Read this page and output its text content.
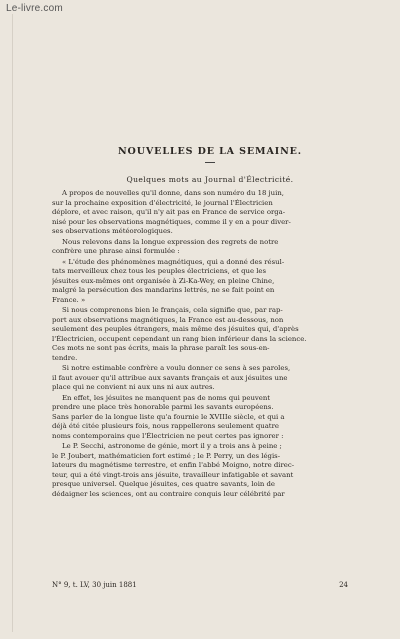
Le-livre.com
NOUVELLES DE LA SEMAINE.

Quelques mots au Journal d'Électricité.

A propos de nouvelles qu'il donne, dans son numéro du 18 juin,
sur la prochaine exposition d'électricité, le journal l'Électricien
déplore, et avec raison, qu'il n'y ait pas en France de service orga-
nisé pour les observations magnétiques, comme il y en a pour diver-
ses observations météorologiques.
Nous relevons dans la longue expression des regrets de notre
confrère une phrase ainsi formulée :
« L'étude des phénomènes magnétiques, qui a donné des résul-
tats merveilleux chez tous les peuples électriciens, et que les
jésuites eux-mêmes ont organisée à Zi-Ka-Wey, en pleine Chine,
malgré la persécution des mandarins lettrés, ne se fait point en
France. »
Si nous comprenons bien le français, cela signifie que, par rap-
port aux observations magnétiques, la France est au-dessous, non
seulement des peuples étrangers, mais même des jésuites qui, d'après
l'Électricien, occupent cependant un rang bien inférieur dans la science.
Ces mots ne sont pas écrits, mais la phrase paraît les sous-en-
tendre.
Si notre estimable confrère a voulu donner ce sens à ses paroles,
il faut avouer qu'il attribue aux savants français et aux jésuites une
place qui ne convient ni aux uns ni aux autres.
En effet, les jésuites ne manquent pas de noms qui peuvent
prendre une place très honorable parmi les savants européens.
Sans parler de la longue liste qu'a fournie le XVIIIe siècle, et qui a
déjà été citée plusieurs fois, nous rappellerons seulement quatre
noms contemporains que l'Électricien ne peut certes pas ignorer :
Le P. Secchi, astronome de génie, mort il y a trois ans à peine ;
le P. Joubert, mathématicien fort estimé ; le P. Perry, un des légis-
lateurs du magnétisme terrestre, et enfin l'abbé Moigno, notre direc-
teur, qui a été vingt-trois ans jésuite, travailleur infatigable et savant
presque universel. Quelque jésuites, ces quatre savants, loin de
dédaigner les sciences, ont au contraire conquis leur célébrité par
N° 9, t. LV, 30 juin 1881	24
